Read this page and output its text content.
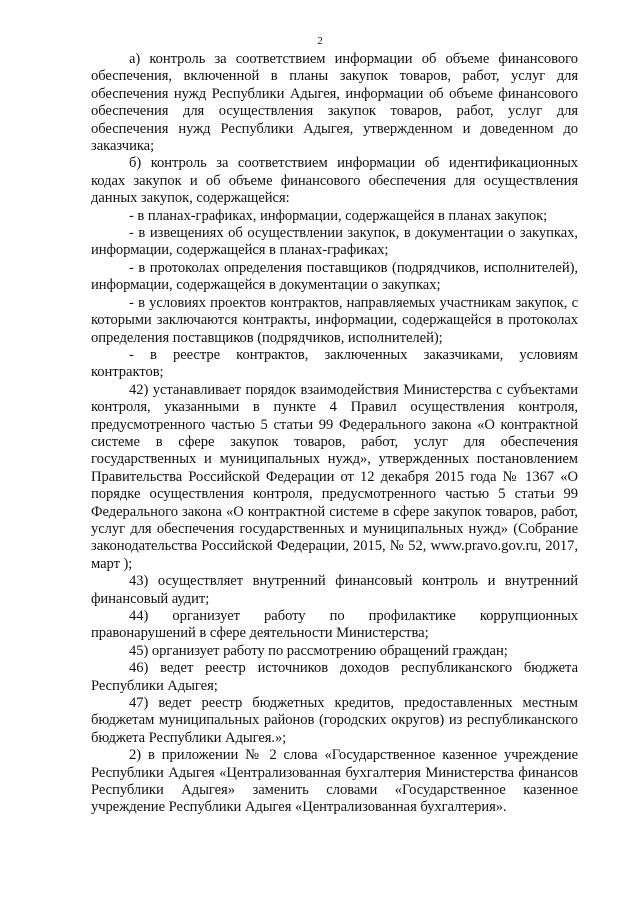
2

а) контроль за соответствием информации об объеме финансового обеспечения, включенной в планы закупок товаров, работ, услуг для обеспечения нужд Республики Адыгея, информации об объеме финансового обеспечения для осуществления закупок товаров, работ, услуг для обеспечения нужд Республики Адыгея, утвержденном и доведенном до заказчика;

б) контроль за соответствием информации об идентификационных кодах закупок и об объеме финансового обеспечения для осуществления данных закупок, содержащейся:

- в планах-графиках, информации, содержащейся в планах закупок;

- в извещениях об осуществлении закупок, в документации о закупках, информации, содержащейся в планах-графиках;

- в протоколах определения поставщиков (подрядчиков, исполнителей), информации, содержащейся в документации о закупках;

- в условиях проектов контрактов, направляемых участникам закупок, с которыми заключаются контракты, информации, содержащейся в протоколах определения поставщиков (подрядчиков, исполнителей);

- в реестре контрактов, заключенных заказчиками, условиям контрактов;

42) устанавливает порядок взаимодействия Министерства с субъектами контроля, указанными в пункте 4 Правил осуществления контроля, предусмотренного частью 5 статьи 99 Федерального закона «О контрактной системе в сфере закупок товаров, работ, услуг для обеспечения государственных и муниципальных нужд», утвержденных постановлением Правительства Российской Федерации от 12 декабря 2015 года № 1367 «О порядке осуществления контроля, предусмотренного частью 5 статьи 99 Федерального закона «О контрактной системе в сфере закупок товаров, работ, услуг для обеспечения государственных и муниципальных нужд» (Собрание законодательства Российской Федерации, 2015, № 52, www.pravo.gov.ru, 2017, март );

43) осуществляет внутренний финансовый контроль и внутренний финансовый аудит;

44) организует работу по профилактике коррупционных правонарушений в сфере деятельности Министерства;

45) организует работу по рассмотрению обращений граждан;

46) ведет реестр источников доходов республиканского бюджета Республики Адыгея;

47) ведет реестр бюджетных кредитов, предоставленных местным бюджетам муниципальных районов (городских округов) из республиканского бюджета Республики Адыгея.»;

2) в приложении № 2 слова «Государственное казенное учреждение Республики Адыгея «Централизованная бухгалтерия Министерства финансов Республики Адыгея» заменить словами «Государственное казенное учреждение Республики Адыгея «Централизованная бухгалтерия».
